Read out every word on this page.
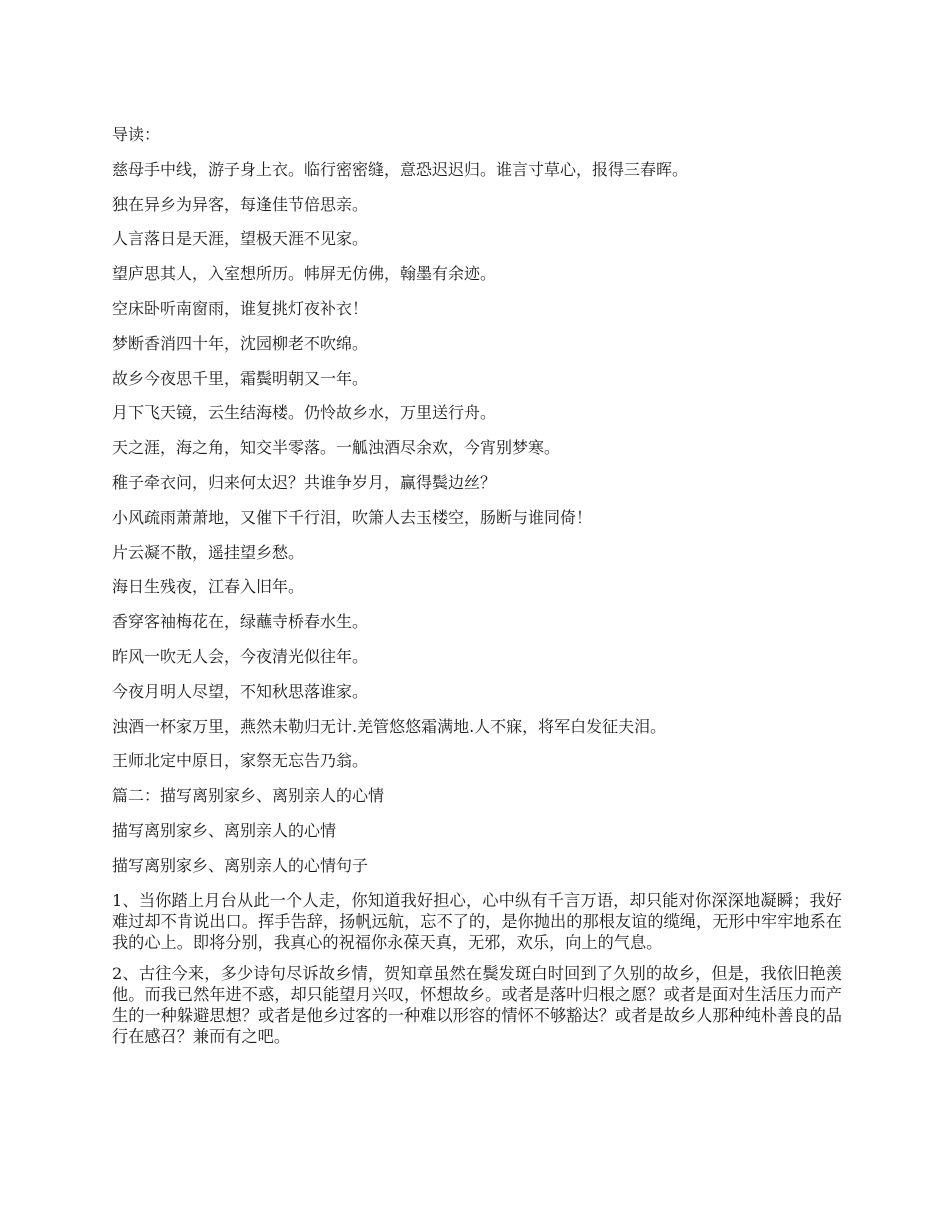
导读：
慈母手中线，游子身上衣。临行密密缝，意恐迟迟归。谁言寸草心，报得三春晖。
独在异乡为异客，每逢佳节倍思亲。
人言落日是天涯，望极天涯不见家。
望庐思其人，入室想所历。帏屏无仿佛，翰墨有余迹。
空床卧听南窗雨，谁复挑灯夜补衣！
梦断香消四十年，沈园柳老不吹绵。
故乡今夜思千里，霜鬓明朝又一年。
月下飞天镜，云生结海楼。仍怜故乡水，万里送行舟。
天之涯，海之角，知交半零落。一觚浊酒尽余欢，今宵别梦寒。
稚子牵衣问，归来何太迟？共谁争岁月，赢得鬓边丝？
小风疏雨萧萧地，又催下千行泪，吹箫人去玉楼空，肠断与谁同倚！
片云凝不散，遥挂望乡愁。
海日生残夜，江春入旧年。
香穿客袖梅花在，绿蘸寺桥春水生。
昨风一吹无人会，今夜清光似往年。
今夜月明人尽望，不知秋思落谁家。
浊酒一杯家万里，燕然未勒归无计.羌管悠悠霜满地.人不寐，将军白发征夫泪。
王师北定中原日，家祭无忘告乃翁。
篇二：描写离别家乡、离别亲人的心情
描写离别家乡、离别亲人的心情
描写离别家乡、离别亲人的心情句子

1、当你踏上月台从此一个人走，你知道我好担心，心中纵有千言万语，却只能对你深深地凝瞬；我好难过却不肯说出口。挥手告辞，扬帆远航，忘不了的，是你抛出的那根友谊的缆绳，无形中牢牢地系在我的心上。即将分别，我真心的祝福你永葆天真，无邪，欢乐，向上的气息。

2、古往今来，多少诗句尽诉故乡情，贺知章虽然在鬓发斑白时回到了久别的故乡，但是，我依旧艳羡他。而我已然年进不惑，却只能望月兴叹，怀想故乡。或者是落叶归根之愿？或者是面对生活压力而产生的一种躲避思想？或者是他乡过客的一种难以形容的情怀不够豁达？或者是故乡人那种纯朴善良的品行在感召？兼而有之吧。
